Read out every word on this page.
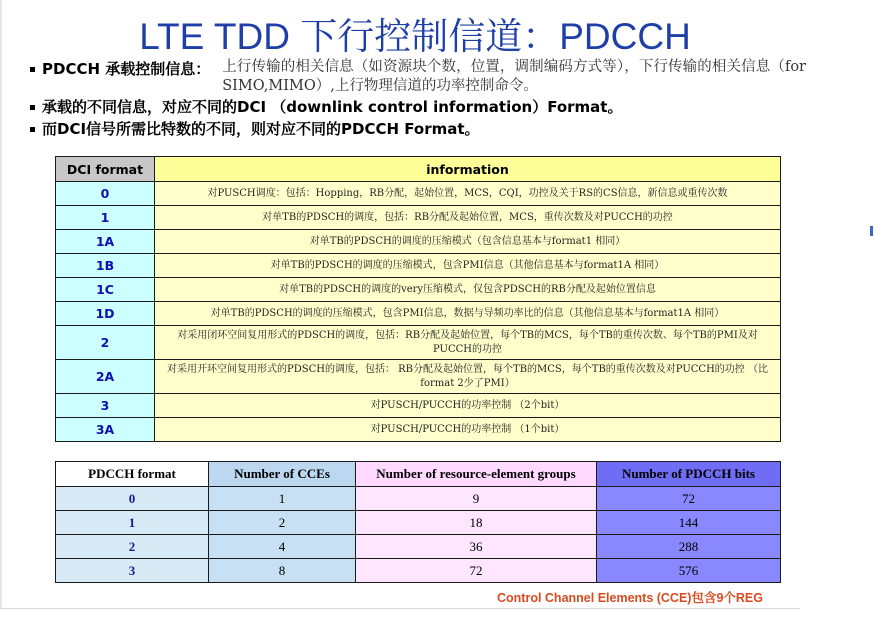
LTE TDD 下行控制信道：PDCCH
PDCCH 承载控制信息： 上行传输的相关信息（如资源块个数，位置，调制编码方式等），下行传输的相关信息（for SIMO,MIMO）,上行物理信道的功率控制命令。
承载的不同信息，对应不同的DCI （downlink control information）Format。
而DCI信号所需比特数的不同，则对应不同的PDCCH Format。
DCI format	information
0	对PUSCH调度：包括：Hopping，RB分配，起始位置，MCS，CQI，功控及关于RS的CS信息，新信息或重传次数
1	对单TB的PDSCH的调度，包括：RB分配及起始位置，MCS，重传次数及对PUCCH的功控
1A	对单TB的PDSCH的调度的压缩模式（包含信息基本与format1 相同）
1B	对单TB的PDSCH的调度的压缩模式，包含PMI信息（其他信息基本与format1A 相同）
1C	对单TB的PDSCH的调度的very压缩模式，仅包含PDSCH的RB分配及起始位置信息
1D	对单TB的PDSCH的调度的压缩模式，包含PMI信息，数据与导频功率比的信息（其他信息基本与format1A 相同）
2	对采用闭环空间复用形式的PDSCH的调度，包括：RB分配及起始位置，每个TB的MCS，每个TB的重传次数、每个TB的PMI及对PUCCH的功控
2A	对采用开环空间复用形式的PDSCH的调度，包括： RB分配及起始位置，每个TB的MCS，每个TB的重传次数及对PUCCH的功控 （比format 2少了PMI）
3	对PUSCH/PUCCH的功率控制 （2个bit）
3A	对PUSCH/PUCCH的功率控制 （1个bit）
PDCCH format	Number of CCEs	Number of resource-element groups	Number of PDCCH bits
0	1	9	72
1	2	18	144
2	4	36	288
3	8	72	576
Control Channel Elements (CCE)包含9个REG
